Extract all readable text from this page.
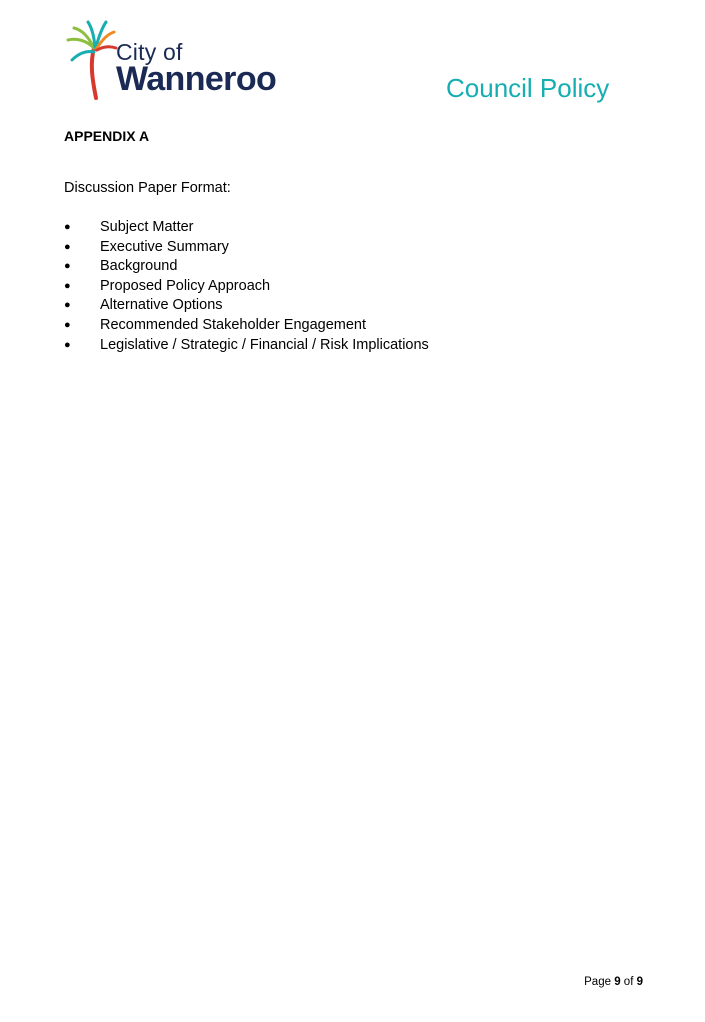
City of
Wanneroo	Council Policy
APPENDIX A
Discussion Paper Format:
● Subject Matter
● Executive Summary
● Background
● Proposed Policy Approach
● Alternative Options
● Recommended Stakeholder Engagement
● Legislative / Strategic / Financial / Risk Implications
Page 9 of 9
